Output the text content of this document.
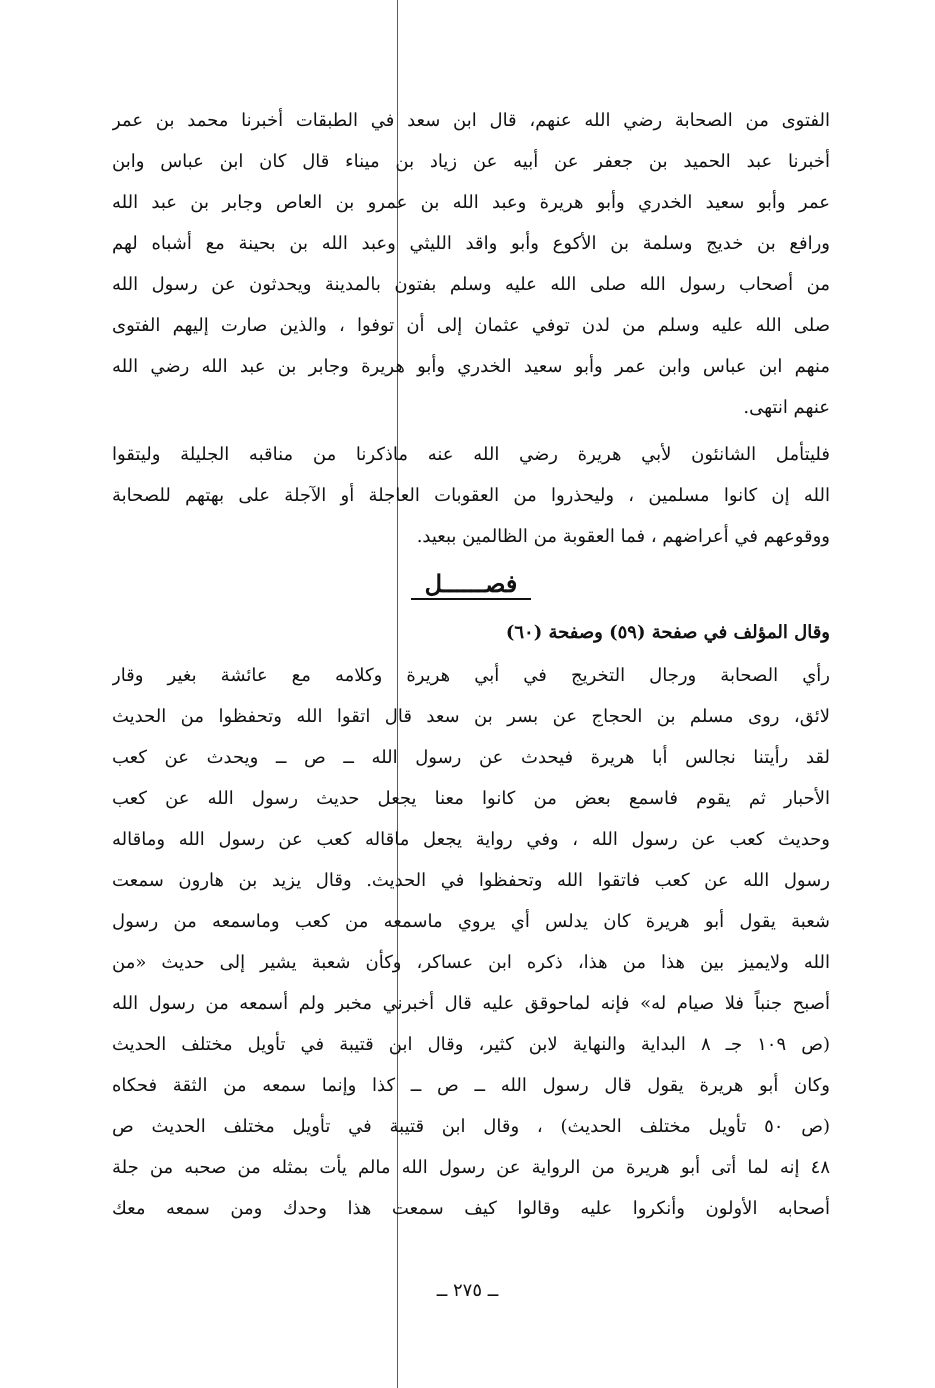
الفتوى من الصحابة رضي الله عنهم، قال ابن سعد في الطبقات أخبرنا محمد بن عمر
أخبرنا عبد الحميد بن جعفر عن أبيه عن زياد بن ميناء قال كان ابن عباس وابن
عمر وأبو سعيد الخدري وأبو هريرة وعبد الله بن عمرو بن العاص وجابر بن عبد الله
ورافع بن خديج وسلمة بن الأكوع وأبو واقد الليثي وعبد الله بن بحينة مع أشباه لهم
من أصحاب رسول الله صلى الله عليه وسلم بفتون بالمدينة ويحدثون عن رسول الله
صلى الله عليه وسلم من لدن توفي عثمان إلى أن توفوا ، والذين صارت إليهم الفتوى
منهم ابن عباس وابن عمر وأبو سعيد الخدري وأبو هريرة وجابر بن عبد الله رضي الله
عنهم انتهى.
فليتأمل الشانئون لأبي هريرة رضي الله عنه ماذكرنا من مناقبه الجليلة وليتقوا
الله إن كانوا مسلمين ، وليحذروا من العقوبات العاجلة أو الآجلة على بهتهم للصحابة
ووقوعهم في أعراضهم ، فما العقوبة من الظالمين ببعيد.
فصــــــل
وقال المؤلف في صفحة (٥٩) وصفحة (٦٠)
رأي الصحابة ورجال التخريج في أبي هريرة وكلامه مع عائشة بغير وقار
لائق، روى مسلم بن الحجاج عن بسر بن سعد قال اتقوا الله وتحفظوا من الحديث
لقد رأيتنا نجالس أبا هريرة فيحدث عن رسول الله ــ ص ــ ويحدث عن كعب
الأحبار ثم يقوم فاسمع بعض من كانوا معنا يجعل حديث رسول الله عن كعب
وحديث كعب عن رسول الله ، وفي رواية يجعل ماقاله كعب عن رسول الله وماقاله
رسول الله عن كعب فاتقوا الله وتحفظوا في الحديث. وقال يزيد بن هارون سمعت
شعبة يقول أبو هريرة كان يدلس أي يروي ماسمعه من كعب وماسمعه من رسول
الله ولايميز بين هذا من هذا، ذكره ابن عساكر، وكأن شعبة يشير إلى حديث «من
أصبح جنباً فلا صيام له» فإنه لماحوقق عليه قال أخبرني مخبر ولم أسمعه من رسول الله
(ص ١٠٩ جـ ٨ البداية والنهاية لابن كثير، وقال ابن قتيبة في تأويل مختلف الحديث
وكان أبو هريرة يقول قال رسول الله ــ ص ــ كذا وإنما سمعه من الثقة فحكاه
(ص ٥٠ تأويل مختلف الحديث) ، وقال ابن قتيبة في تأويل مختلف الحديث ص
٤٨ إنه لما أتى أبو هريرة من الرواية عن رسول الله مالم يأت بمثله من صحبه من جلة
أصحابه الأولون وأنكروا عليه وقالوا كيف سمعت هذا وحدك ومن سمعه معك
ــ ٢٧٥ ــ
